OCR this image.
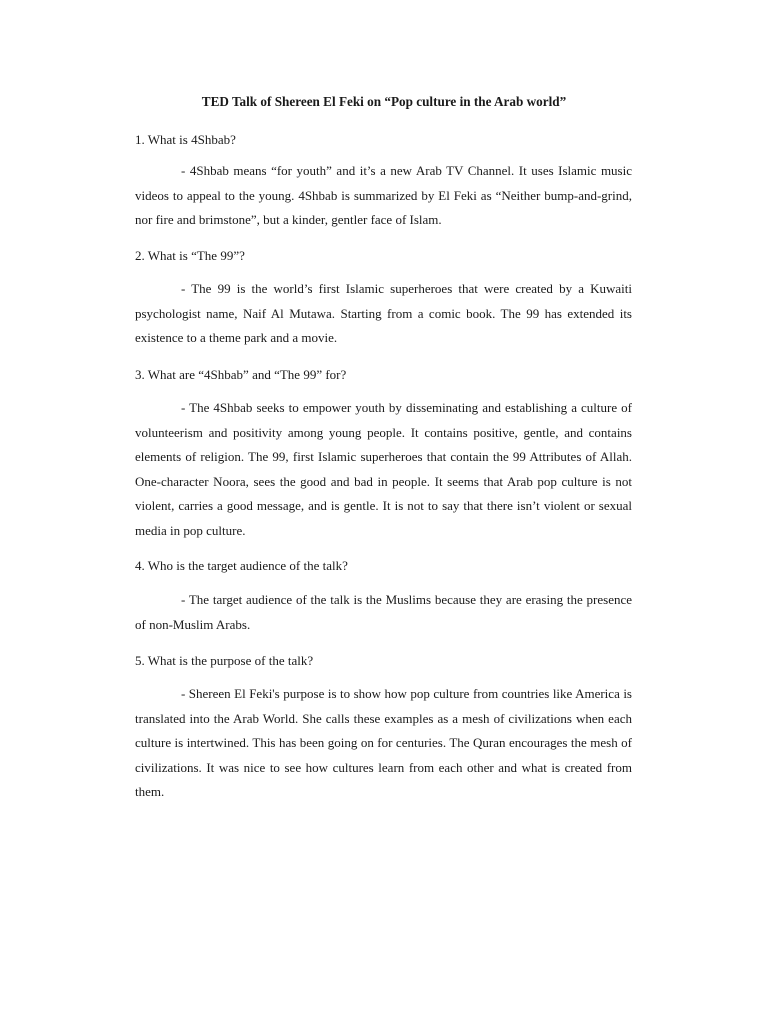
TED Talk of Shereen El Feki on “Pop culture in the Arab world”
1. What is 4Shbab?

- 4Shbab means “for youth” and it’s a new Arab TV Channel. It uses Islamic music videos to appeal to the young. 4Shbab is summarized by El Feki as “Neither bump-and-grind, nor fire and brimstone”, but a kinder, gentler face of Islam.

2. What is “The 99”?

- The 99 is the world’s first Islamic superheroes that were created by a Kuwaiti psychologist name, Naif Al Mutawa. Starting from a comic book. The 99 has extended its existence to a theme park and a movie.

3. What are “4Shbab” and “The 99” for?

- The 4Shbab seeks to empower youth by disseminating and establishing a culture of volunteerism and positivity among young people. It contains positive, gentle, and contains elements of religion. The 99, first Islamic superheroes that contain the 99 Attributes of Allah. One-character Noora, sees the good and bad in people. It seems that Arab pop culture is not violent, carries a good message, and is gentle. It is not to say that there isn’t violent or sexual media in pop culture.

4. Who is the target audience of the talk?

- The target audience of the talk is the Muslims because they are erasing the presence of non-Muslim Arabs.

5. What is the purpose of the talk?

- Shereen El Feki's purpose is to show how pop culture from countries like America is translated into the Arab World. She calls these examples as a mesh of civilizations when each culture is intertwined. This has been going on for centuries. The Quran encourages the mesh of civilizations. It was nice to see how cultures learn from each other and what is created from them.
